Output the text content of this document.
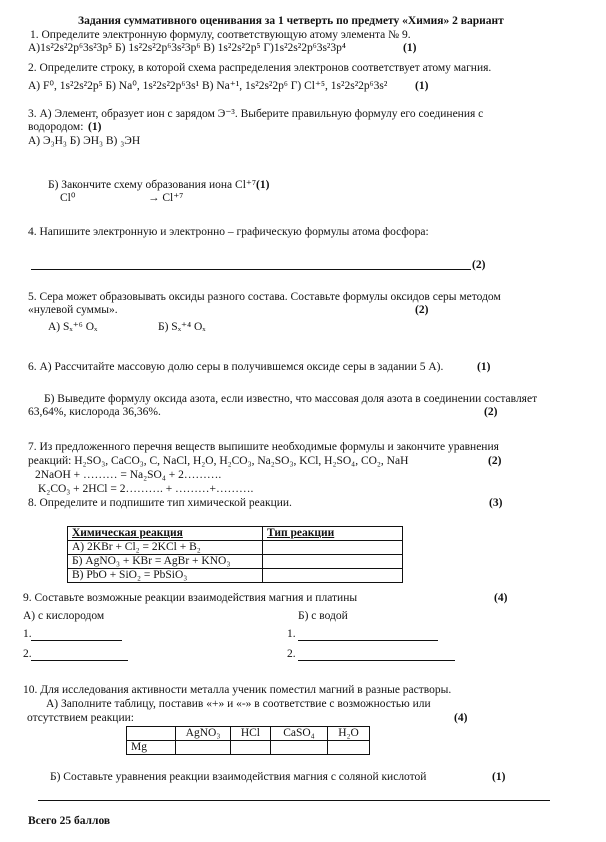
Задания суммативного оценивания за 1 четверть по предмету «Химия» 2 вариант
1. Определите электронную формулу, соответствующую атому элемента № 9.
А)1s²2s²2p⁶3s²3p⁵ Б) 1s²2s²2p⁶3s²3p⁶ В) 1s²2s²2p⁵ Г)1s²2s²2p⁶3s²3p⁴	(1)
2. Определите строку, в которой схема распределения электронов соответствует атому магния.
А) F⁰, 1s²2s²2p⁵ Б) Na⁰, 1s²2s²2p⁶3s¹ В) Na⁺¹, 1s²2s²2p⁶ Г) Cl⁺⁵, 1s²2s²2p⁶3s² (1)
3. А) Элемент, образует ион с зарядом Э⁻³. Выберите правильную формулу его соединения с
водородом: (1)
А) Э₃Н₃ Б) ЭН₃ В) ₃ЭН
Б) Закончите схему образования иона Cl⁺⁷ (1)
Cl⁰	→ Cl⁺⁷
4. Напишите электронную и электронно – графическую формулы атома фосфора:
(2)
5. Сера может образовывать оксиды разного состава. Составьте формулы оксидов серы методом
«нулевой суммы».	(2)
А) Sₓ⁺⁶ Oₓ	Б) Sₓ⁺⁴ Oₓ
6. А) Рассчитайте массовую долю серы в получившемся оксиде серы в задании 5 А).	(1)
Б) Выведите формулу оксида азота, если известно, что массовая доля азота в соединении составляет
63,64%, кислорода 36,36%.	(2)
7. Из предложенного перечня веществ выпишите необходимые формулы и закончите уравнения
реакций: H₂SO₃, CaCO₃, C, NaCl, H₂O, H₂CO₃, Na₂SO₃, KCl, H₂SO₄, CO₂, NaH	(2)
2NaOH + ……… = Na₂SO₄ + 2……….
K₂CO₃ + 2HCl = 2………. + ………+……….
8. Определите и подпишите тип химической реакции.	(3)
Химическая реакция	Тип реакции
А) 2KBr + Cl₂ = 2KCl + B₂	
Б) AgNO₃ + KBr = AgBr + KNO₃	
В) PbO + SiO₂ = PbSiO₃	
9. Составьте возможные реакции взаимодействия магния и платины	(4)
А) с кислородом	Б) с водой
1.
2.
1.
2.
10. Для исследования активности металла ученик поместил магний в разные растворы.
А) Заполните таблицу, поставив «+» и «-» в соответствие с возможностью или
отсутствием реакции:	(4)
	AgNO₃	HCl	CaSO₄	H₂O
Mg				
Б) Составьте уравнения реакции взаимодействия магния с соляной кислотой	(1)
Всего 25 баллов
